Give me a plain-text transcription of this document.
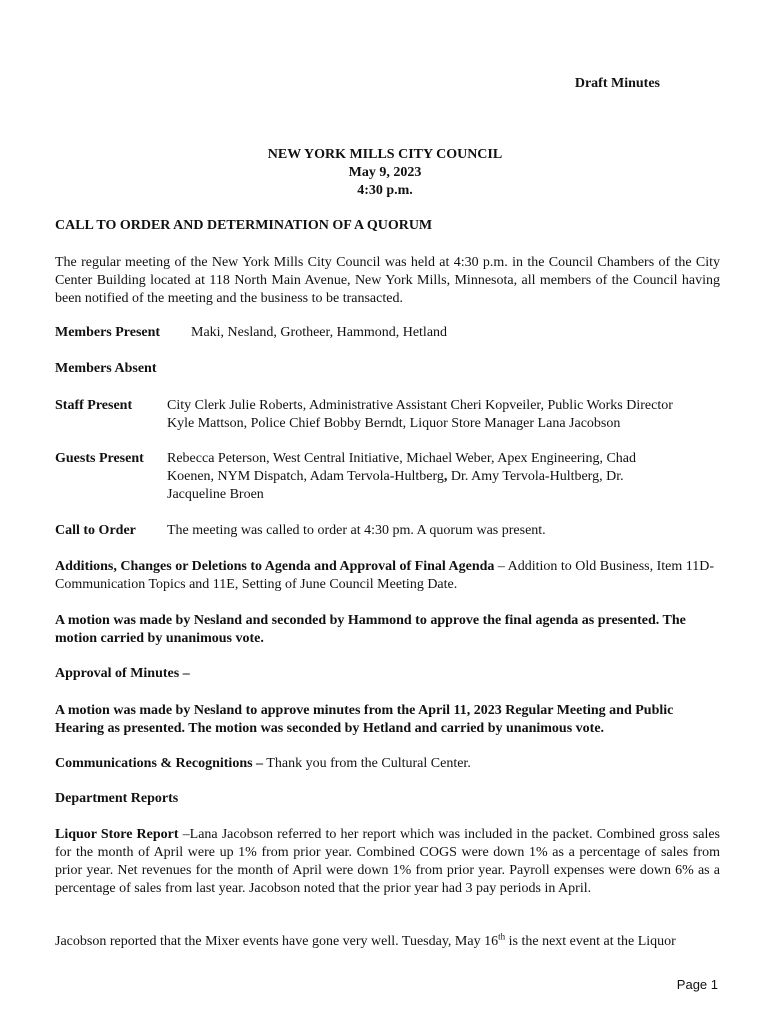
Draft Minutes
NEW YORK MILLS CITY COUNCIL
May 9, 2023
4:30 p.m.
CALL TO ORDER AND DETERMINATION OF A QUORUM
The regular meeting of the New York Mills City Council was held at 4:30 p.m. in the Council Chambers of the City Center Building located at 118 North Main Avenue, New York Mills, Minnesota, all members of the Council having been notified of the meeting and the business to be transacted.
Members Present Maki, Nesland, Grotheer, Hammond, Hetland
Members Absent
Staff Present City Clerk Julie Roberts, Administrative Assistant Cheri Kopveiler, Public Works Director
Kyle Mattson, Police Chief Bobby Berndt, Liquor Store Manager Lana Jacobson
Guests Present Rebecca Peterson, West Central Initiative, Michael Weber, Apex Engineering, Chad
Koenen, NYM Dispatch, Adam Tervola-Hultberg, Dr. Amy Tervola-Hultberg, Dr.
Jacqueline Broen
Call to Order The meeting was called to order at 4:30 pm. A quorum was present.
Additions, Changes or Deletions to Agenda and Approval of Final Agenda – Addition to Old Business, Item 11D-Communication Topics and 11E, Setting of June Council Meeting Date.
A motion was made by Nesland and seconded by Hammond to approve the final agenda as presented. The motion carried by unanimous vote.
Approval of Minutes –
A motion was made by Nesland to approve minutes from the April 11, 2023 Regular Meeting and Public Hearing as presented. The motion was seconded by Hetland and carried by unanimous vote.
Communications & Recognitions – Thank you from the Cultural Center.
Department Reports
Liquor Store Report –Lana Jacobson referred to her report which was included in the packet. Combined gross sales for the month of April were up 1% from prior year. Combined COGS were down 1% as a percentage of sales from prior year. Net revenues for the month of April were down 1% from prior year. Payroll expenses were down 6% as a percentage of sales from last year. Jacobson noted that the prior year had 3 pay periods in April.
Jacobson reported that the Mixer events have gone very well. Tuesday, May 16th is the next event at the Liquor
Page 1
